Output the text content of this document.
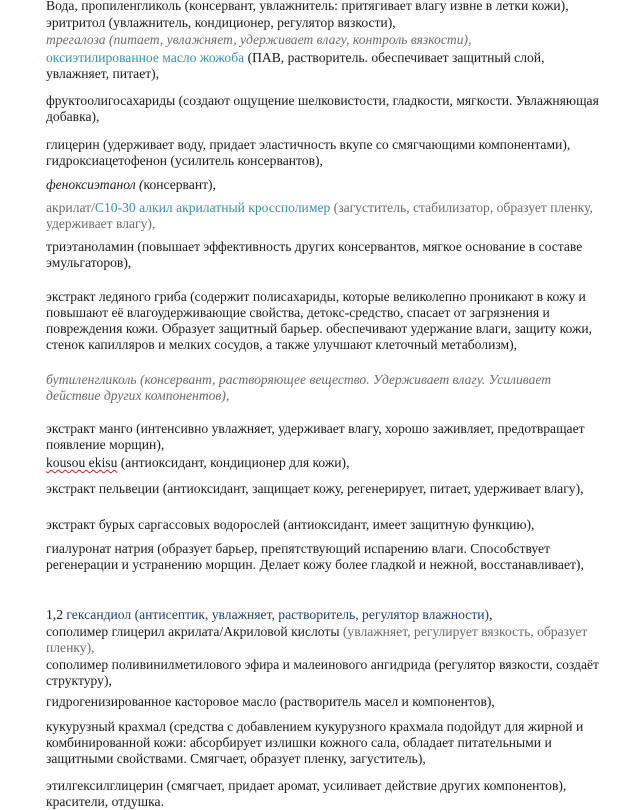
Вода, пропиленгликоль (консервант, увлажнитель: притягивает влагу извне в летки кожи),

эритритол (увлажнитель, кондиционер, регулятор вязкости),

трегалоза (питает, увлажняет, удерживает влагу, контроль вязкости),

оксиэтилированное масло жожоба (ПАВ, растворитель. обеспечивает защитный слой, увлажняет, питает),

фруктоолигосахариды (создают ощущение шелковистости, гладкости, мягкости. Увлажняющая добавка),

глицерин (удерживает воду, придает эластичность вкупе со смягчающими компонентами), гидроксиацетофенон (усилитель консервантов),

феноксиэтанол (консервант),

акрилат/C10-30 алкил акрилатный кроссполимер (загуститель, стабилизатор, образует пленку, удерживает влагу),

триэтаноламин (повышает эффективность других консервантов, мягкое основание в составе эмульгаторов),

экстракт ледяного гриба (содержит полисахариды, которые великолепно проникают в кожу и повышают её влагоудерживающие свойства, детокс-средство, спасает от загрязнения и повреждения кожи. Образует защитный барьер. обеспечивают удержание влаги, защиту кожи, стенок капилляров и мелких сосудов, а также улучшают клеточный метаболизм),

бутиленгликоль (консервант, растворяющее вещество. Удерживает влагу. Усиливает действие других компонентов),

экстракт манго (интенсивно увлажняет, удерживает влагу, хорошо заживляет, предотвращает появление морщин),

kousou ekisu (антиоксидант, кондиционер для кожи),

экстракт пельвеции (антиоксидант, защищает кожу, регенерирует, питает, удерживает влагу),

экстракт бурых саргассовых водорослей (антиоксидант, имеет защитную функцию),

гиалуронат натрия (образует барьер, препятствующий испарению влаги. Способствует регенерации и устранению морщин. Делает кожу более гладкой и нежной, восстанавливает),

1,2 гександиол (антисептик, увлажняет, растворитель, регулятор влажности),

сополимер глицерил акрилата/Акриловой кислоты (увлажняет, регулирует вязкость, образует пленку),

сополимер поливинилметилового эфира и малеинового ангидрида (регулятор вязкости, создаёт структуру),

гидрогенизированное касторовое масло (растворитель масел и компонентов),

кукурузный крахмал (средства с добавлением кукурузного крахмала подойдут для жирной и комбинированной кожи: абсорбирует излишки кожного сала, обладает питательными и защитными свойствами. Смягчает, образует пленку, загуститель),

этилгексилглицерин (смягчает, придает аромат, усиливает действие других компонентов), красители, отдушка.
